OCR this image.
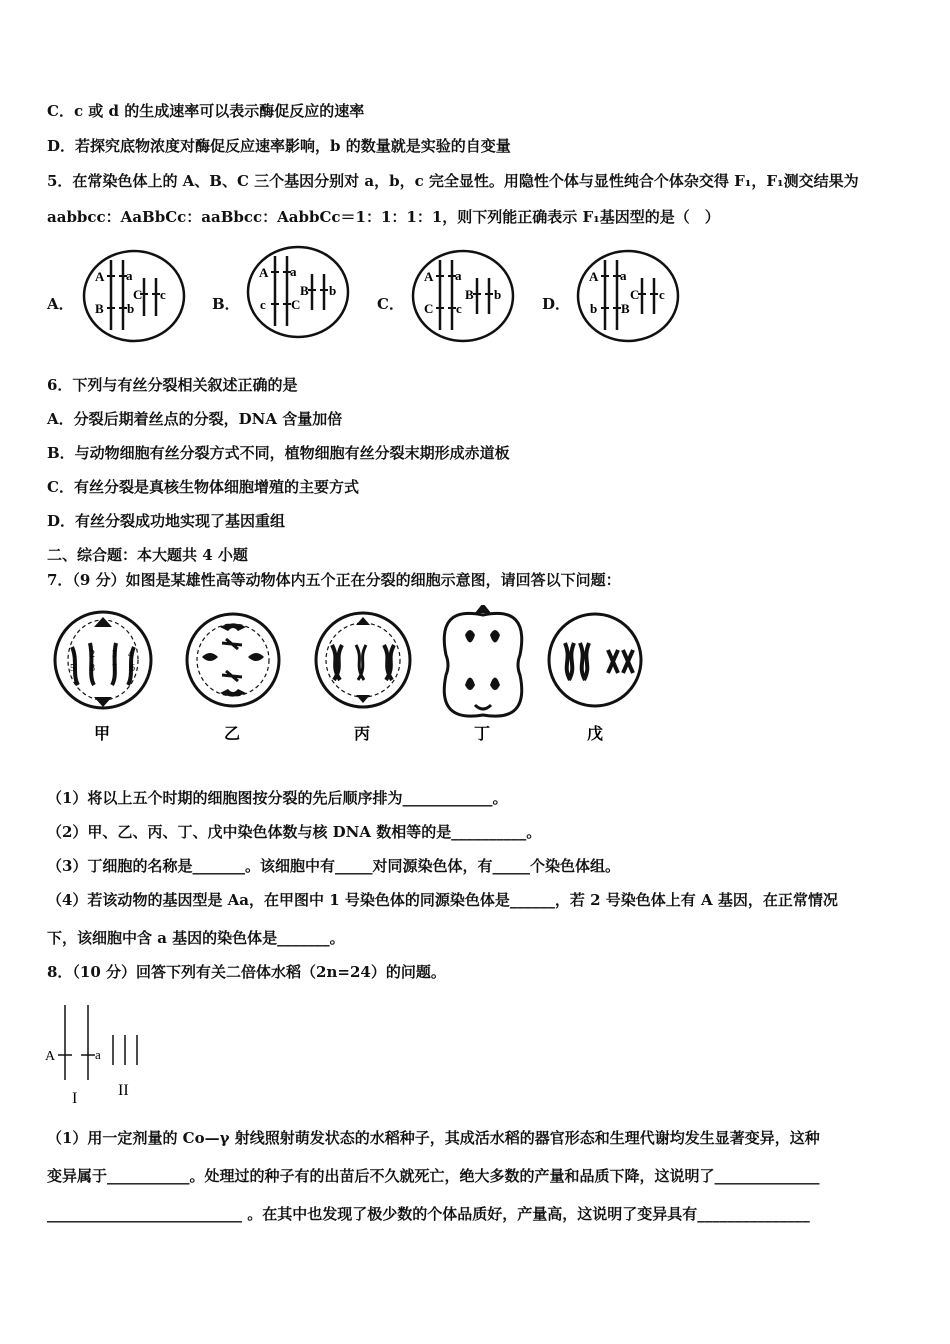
C．c 或 d 的生成速率可以表示酶促反应的速率
D．若探究底物浓度对酶促反应速率影响，b 的数量就是实验的自变量
5．在常染色体上的 A、B、C 三个基因分别对 a，b，c 完全显性。用隐性个体与显性纯合个体杂交得 F₁，F₁测交结果为
aabbcc：AaBbCc：aaBbcc：AabbCc＝1：1：1：1，则下列能正确表示 F₁基因型的是（　）
A．	B．	C．	D．
A
B
a
b
C c
A
c
a
C
B b
A
C
a
c
B b
A
b
a
B
C c
6．下列与有丝分裂相关叙述正确的是
A．分裂后期着丝点的分裂，DNA 含量加倍
B．与动物细胞有丝分裂方式不同，植物细胞有丝分裂末期形成赤道板
C．有丝分裂是真核生物体细胞增殖的主要方式
D．有丝分裂成功地实现了基因重组
二、综合题：本大题共 4 小题
7．（9 分）如图是某雄性高等动物体内五个正在分裂的细胞示意图，请回答以下问题：
5
2 3
6
8 7
4
1
甲	乙	丙	丁	戊
（1）将以上五个时期的细胞图按分裂的先后顺序排为____________。
（2）甲、乙、丙、丁、戊中染色体数与核 DNA 数相等的是__________。
（3）丁细胞的名称是_______。该细胞中有_____对同源染色体，有_____个染色体组。
（4）若该动物的基因型是 Aa，在甲图中 1 号染色体的同源染色体是______，若 2 号染色体上有 A 基因，在正常情况
下，该细胞中含 a 基因的染色体是_______。
8．（10 分）回答下列有关二倍体水稻（2n=24）的问题。
A	a
I	II
（1）用一定剂量的 Co—γ 射线照射萌发状态的水稻种子，其成活水稻的器官形态和生理代谢均发生显著变异，这种
变异属于___________。处理过的种子有的出苗后不久就死亡，绝大多数的产量和品质下降，这说明了______________
__________________________ 。在其中也发现了极少数的个体品质好，产量高，这说明了变异具有_______________
